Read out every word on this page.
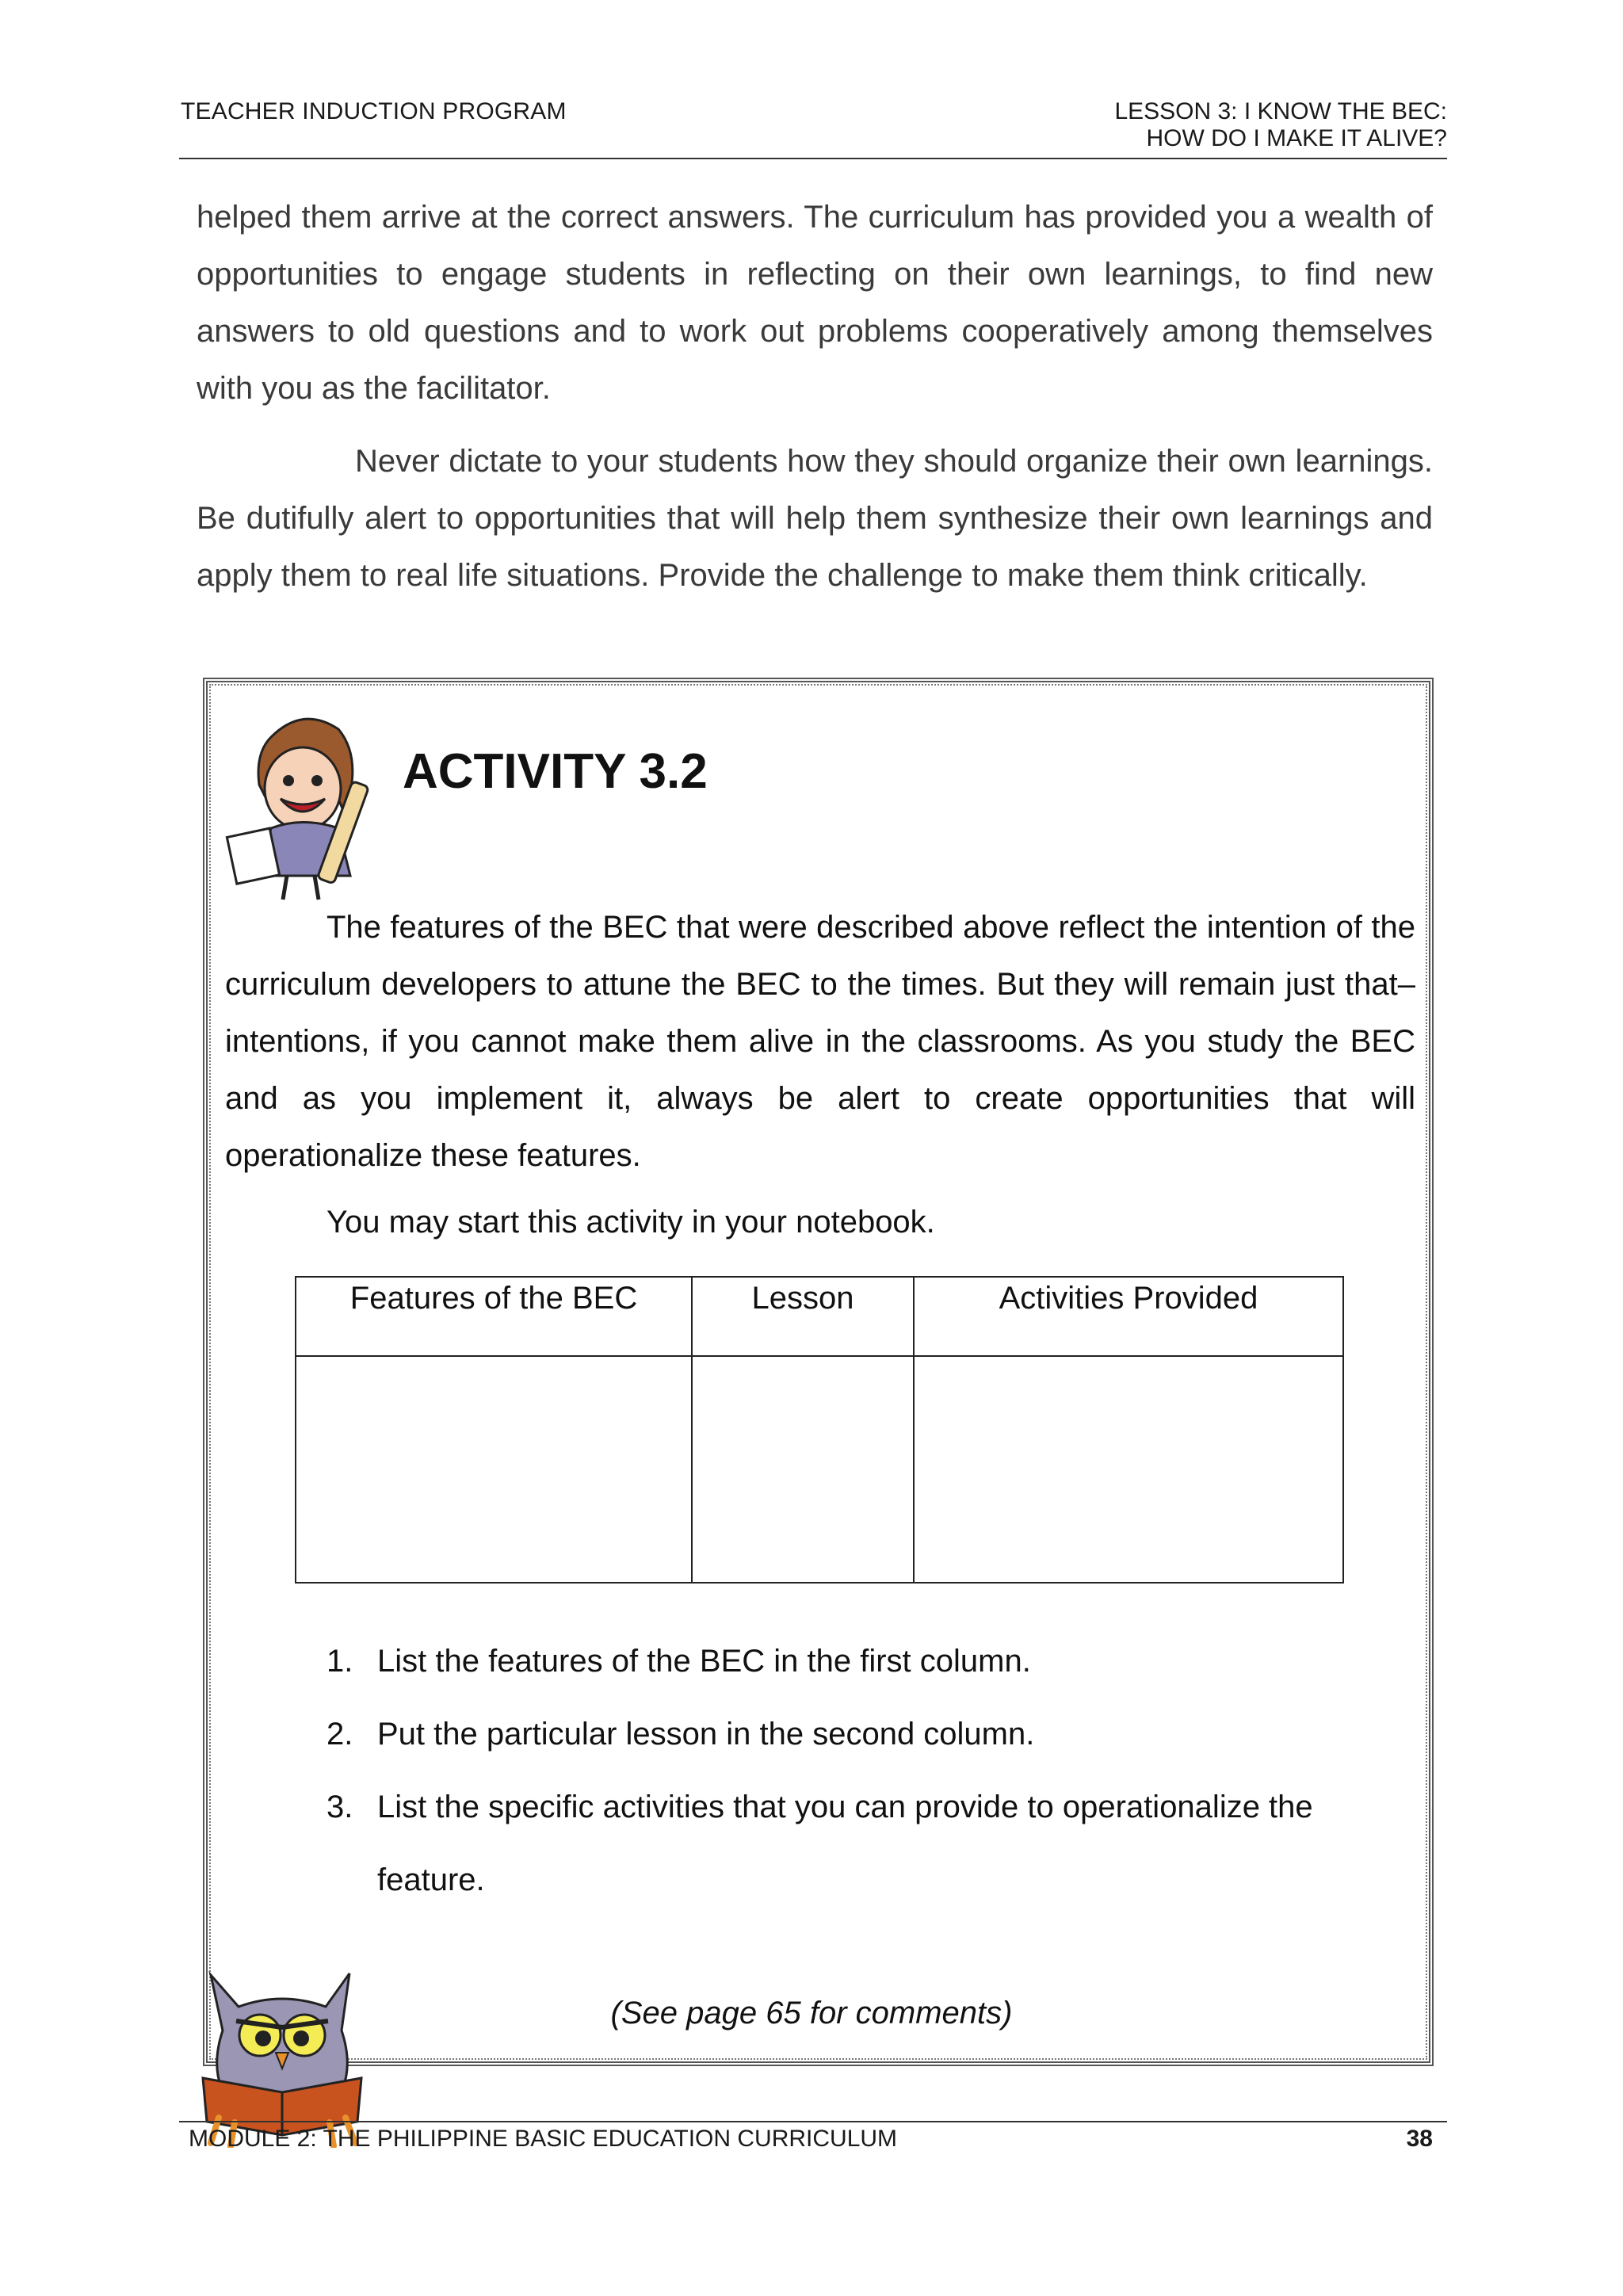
TEACHER INDUCTION PROGRAM	LESSON 3: I KNOW THE BEC:
HOW DO I MAKE IT ALIVE?
helped them arrive at the correct answers. The curriculum has provided you a wealth of opportunities to engage students in reflecting on their own learnings, to find new answers to old questions and to work out problems cooperatively among themselves with you as the facilitator.
Never dictate to your students how they should organize their own learnings. Be dutifully alert to opportunities that will help them synthesize their own learnings and apply them to real life situations. Provide the challenge to make them think critically.
ACTIVITY 3.2
The features of the BEC that were described above reflect the intention of the curriculum developers to attune the BEC to the times. But they will remain just that–intentions, if you cannot make them alive in the classrooms. As you study the BEC and as you implement it, always be alert to create opportunities that will operationalize these features.
You may start this activity in your notebook.
Features of the BEC	Lesson	Activities Provided

1. List the features of the BEC in the first column.
2. Put the particular lesson in the second column.
3. List the specific activities that you can provide to operationalize the feature.
(See page 65 for comments)
MODULE 2: THE PHILIPPINE BASIC EDUCATION CURRICULUM	38
